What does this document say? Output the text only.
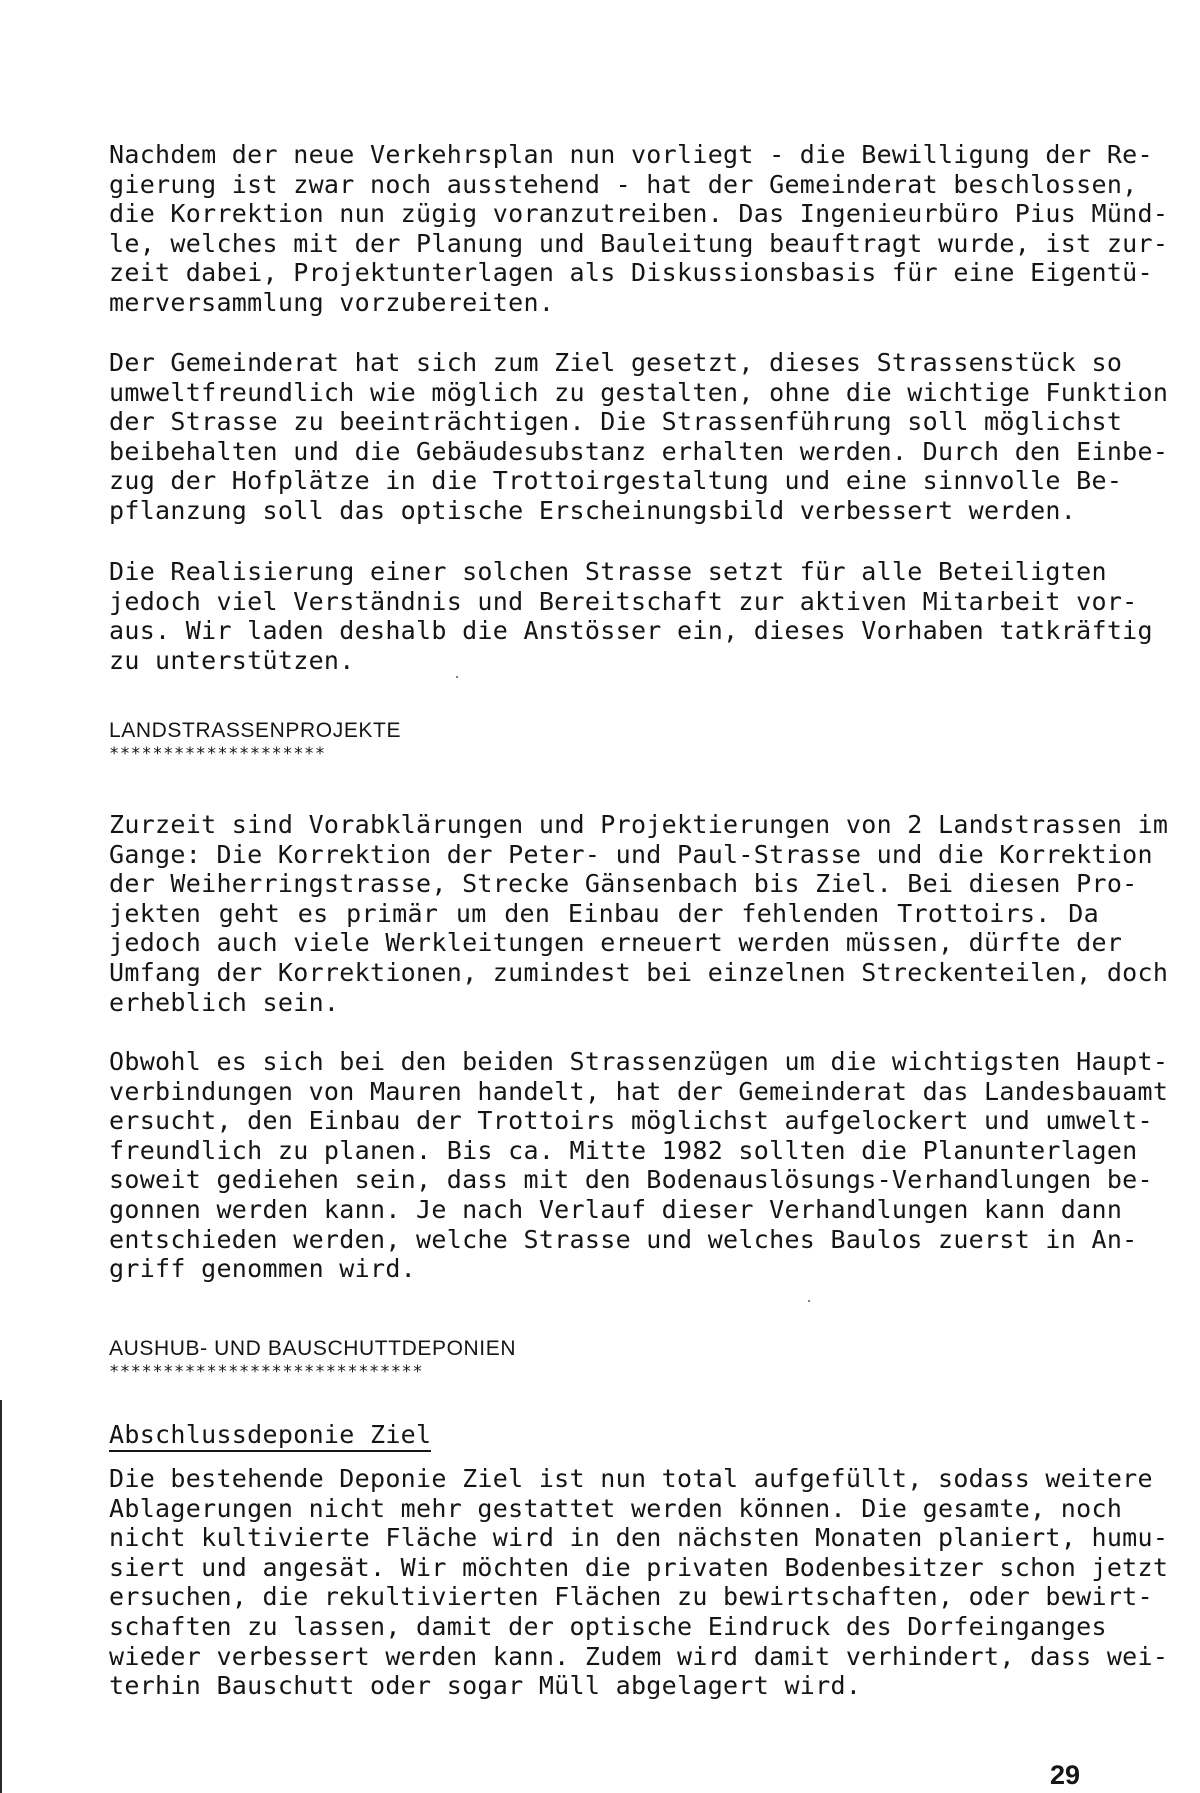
Nachdem der neue Verkehrsplan nun vorliegt - die Bewilligung der Re-

gierung ist zwar noch ausstehend - hat der Gemeinderat beschlossen,

die Korrektion nun zügig voranzutreiben. Das Ingenieurbüro Pius Münd-

le, welches mit der Planung und Bauleitung beauftragt wurde, ist zur-

zeit dabei, Projektunterlagen als Diskussionsbasis für eine Eigentü-

merversammlung vorzubereiten.

Der Gemeinderat hat sich zum Ziel gesetzt, dieses Strassenstück so

umweltfreundlich wie möglich zu gestalten, ohne die wichtige Funktion

der Strasse zu beeinträchtigen. Die Strassenführung soll möglichst

beibehalten und die Gebäudesubstanz erhalten werden. Durch den Einbe-

zug der Hofplätze in die Trottoirgestaltung und eine sinnvolle Be-

pflanzung soll das optische Erscheinungsbild verbessert werden.

Die Realisierung einer solchen Strasse setzt für alle Beteiligten

jedoch viel Verständnis und Bereitschaft zur aktiven Mitarbeit vor-

aus. Wir laden deshalb die Anstösser ein, dieses Vorhaben tatkräftig

zu unterstützen.

LANDSTRASSENPROJEKTE

********************

Zurzeit sind Vorabklärungen und Projektierungen von 2 Landstrassen im

Gange: Die Korrektion der Peter- und Paul-Strasse und die Korrektion

der Weiherringstrasse, Strecke Gänsenbach bis Ziel. Bei diesen Pro-

jekten geht es primär um den Einbau der fehlenden Trottoirs. Da

jedoch auch viele Werkleitungen erneuert werden müssen, dürfte der

Umfang der Korrektionen, zumindest bei einzelnen Streckenteilen, doch

erheblich sein.

Obwohl es sich bei den beiden Strassenzügen um die wichtigsten Haupt-

verbindungen von Mauren handelt, hat der Gemeinderat das Landesbauamt

ersucht, den Einbau der Trottoirs möglichst aufgelockert und umwelt-

freundlich zu planen. Bis ca. Mitte 1982 sollten die Planunterlagen

soweit gediehen sein, dass mit den Bodenauslösungs-Verhandlungen be-

gonnen werden kann. Je nach Verlauf dieser Verhandlungen kann dann

entschieden werden, welche Strasse und welches Baulos zuerst in An-

griff genommen wird.

AUSHUB- UND BAUSCHUTTDEPONIEN

*****************************

Abschlussdeponie Ziel

Die bestehende Deponie Ziel ist nun total aufgefüllt, sodass weitere

Ablagerungen nicht mehr gestattet werden können. Die gesamte, noch

nicht kultivierte Fläche wird in den nächsten Monaten planiert, humu-

siert und angesät. Wir möchten die privaten Bodenbesitzer schon jetzt

ersuchen, die rekultivierten Flächen zu bewirtschaften, oder bewirt-

schaften zu lassen, damit der optische Eindruck des Dorfeinganges

wieder verbessert werden kann. Zudem wird damit verhindert, dass wei-

terhin Bauschutt oder sogar Müll abgelagert wird.

29
